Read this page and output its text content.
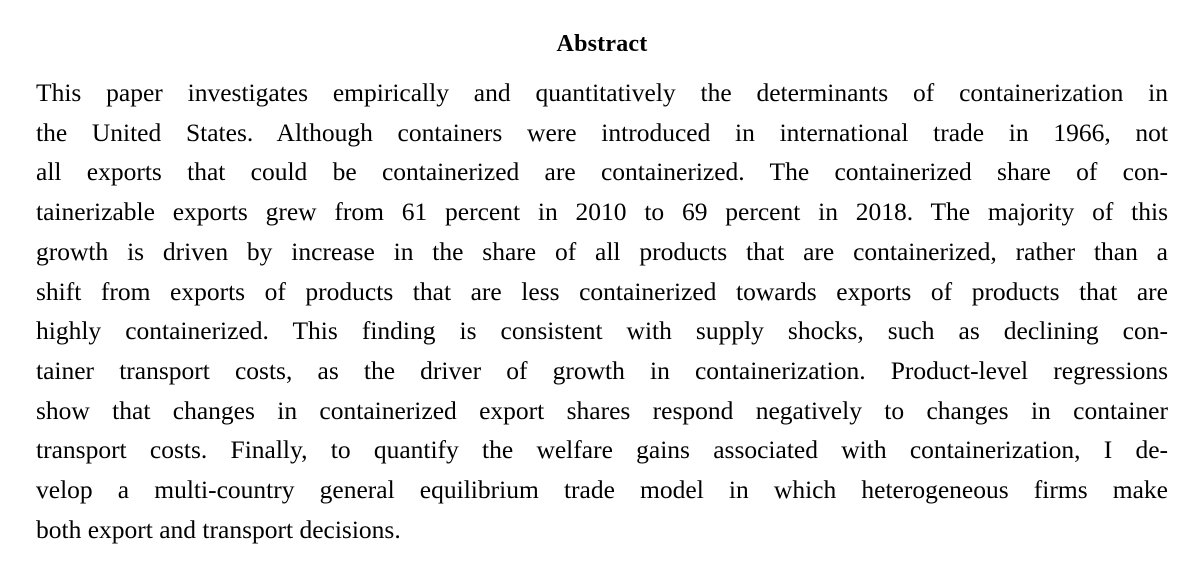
Abstract
This paper investigates empirically and quantitatively the determinants of containerization in
the United States. Although containers were introduced in international trade in 1966, not
all exports that could be containerized are containerized. The containerized share of con-
tainerizable exports grew from 61 percent in 2010 to 69 percent in 2018. The majority of this
growth is driven by increase in the share of all products that are containerized, rather than a
shift from exports of products that are less containerized towards exports of products that are
highly containerized. This finding is consistent with supply shocks, such as declining con-
tainer transport costs, as the driver of growth in containerization. Product-level regressions
show that changes in containerized export shares respond negatively to changes in container
transport costs. Finally, to quantify the welfare gains associated with containerization, I de-
velop a multi-country general equilibrium trade model in which heterogeneous firms make
both export and transport decisions.
